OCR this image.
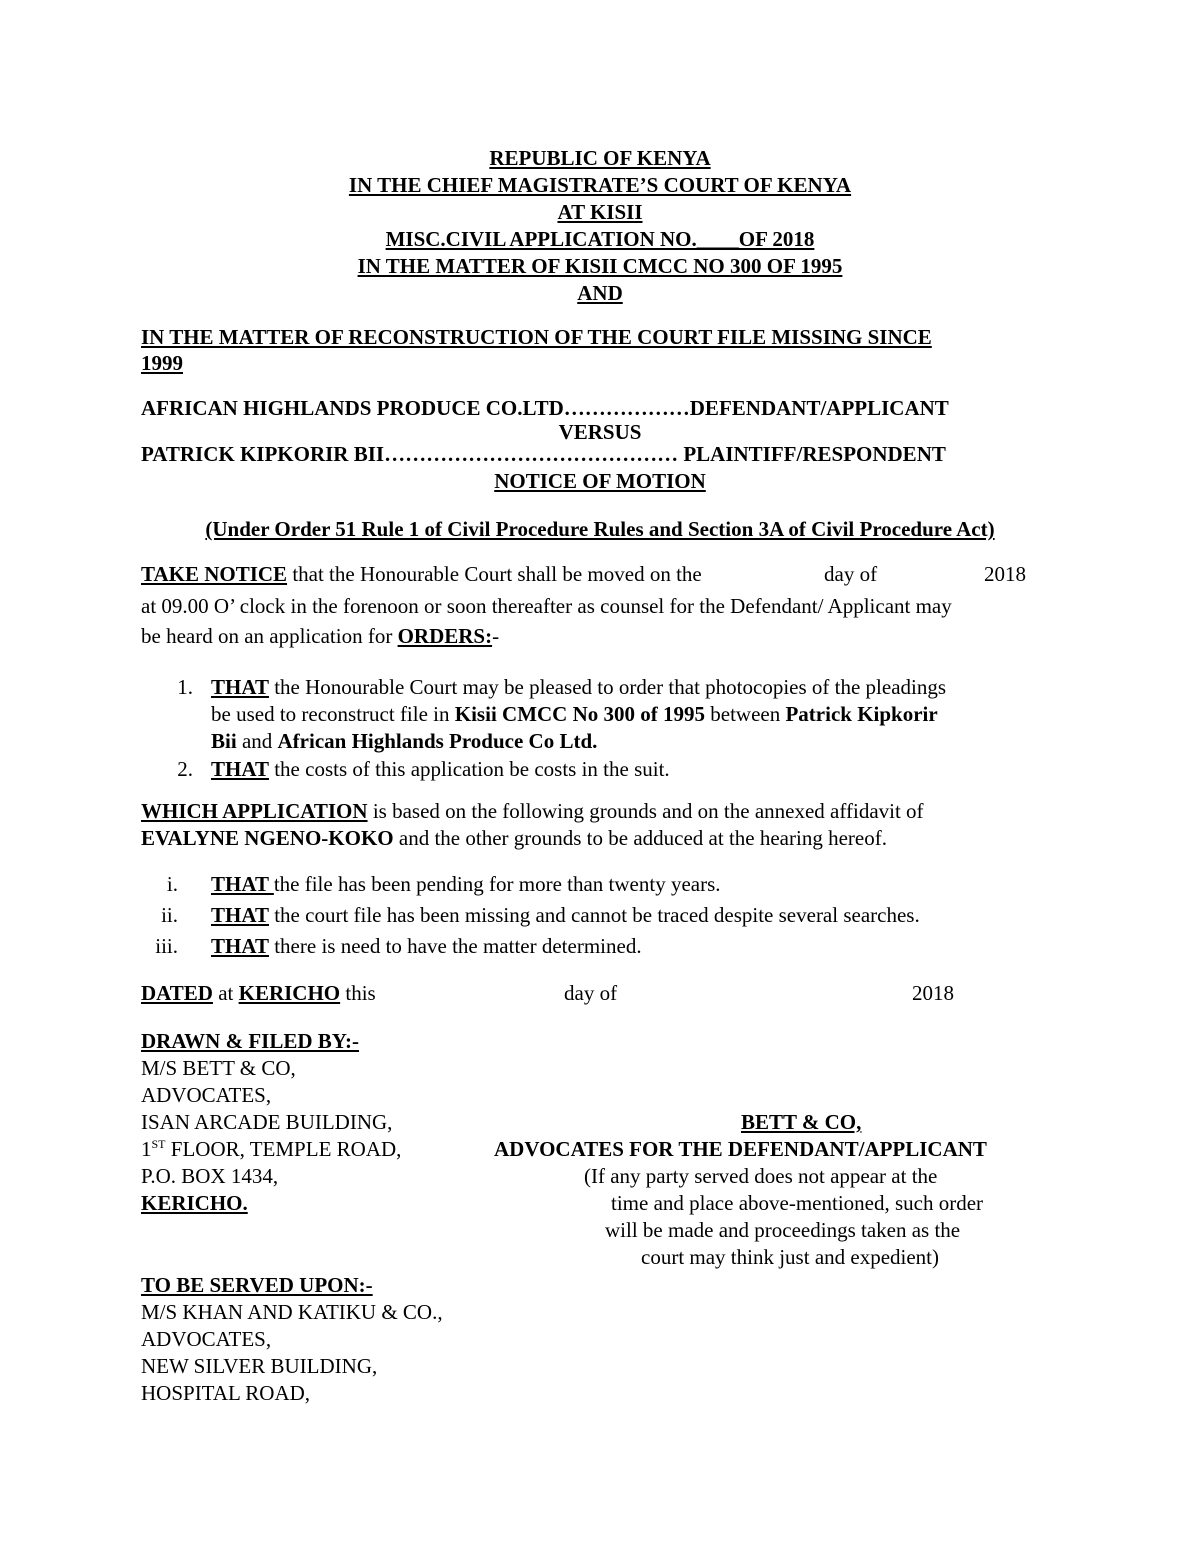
REPUBLIC OF KENYA
IN THE CHIEF MAGISTRATE’S COURT OF KENYA
AT KISII
MISC.CIVIL APPLICATION NO.____OF 2018
IN THE MATTER OF KISII CMCC NO 300 OF 1995
AND
IN THE MATTER OF RECONSTRUCTION OF THE COURT FILE MISSING SINCE
1999
AFRICAN HIGHLANDS PRODUCE CO.LTD………………DEFENDANT/APPLICANT
VERSUS
PATRICK KIPKORIR BII…………………………………… PLAINTIFF/RESPONDENT
NOTICE OF MOTION
(Under Order 51 Rule 1 of Civil Procedure Rules and Section 3A of Civil Procedure Act)
TAKE NOTICE that the Honourable Court shall be moved on the	day of	2018
at 09.00 O’ clock in the forenoon or soon thereafter as counsel for the Defendant/ Applicant may
be heard on an application for ORDERS:-
1. THAT the Honourable Court may be pleased to order that photocopies of the pleadings
be used to reconstruct file in Kisii CMCC No 300 of 1995 between Patrick Kipkorir
Bii and African Highlands Produce Co Ltd.
2. THAT the costs of this application be costs in the suit.
WHICH APPLICATION is based on the following grounds and on the annexed affidavit of
EVALYNE NGENO-KOKO and the other grounds to be adduced at the hearing hereof.
i. THAT the file has been pending for more than twenty years.
ii. THAT the court file has been missing and cannot be traced despite several searches.
iii. THAT there is need to have the matter determined.
DATED at KERICHO this	day of	2018
DRAWN & FILED BY:-
M/S BETT & CO,
ADVOCATES,
ISAN ARCADE BUILDING,
1ST FLOOR, TEMPLE ROAD,
P.O. BOX 1434,
KERICHO.
BETT & CO,
ADVOCATES FOR THE DEFENDANT/APPLICANT
(If any party served does not appear at the
time and place above-mentioned, such order
will be made and proceedings taken as the
court may think just and expedient)
TO BE SERVED UPON:-
M/S KHAN AND KATIKU & CO.,
ADVOCATES,
NEW SILVER BUILDING,
HOSPITAL ROAD,
